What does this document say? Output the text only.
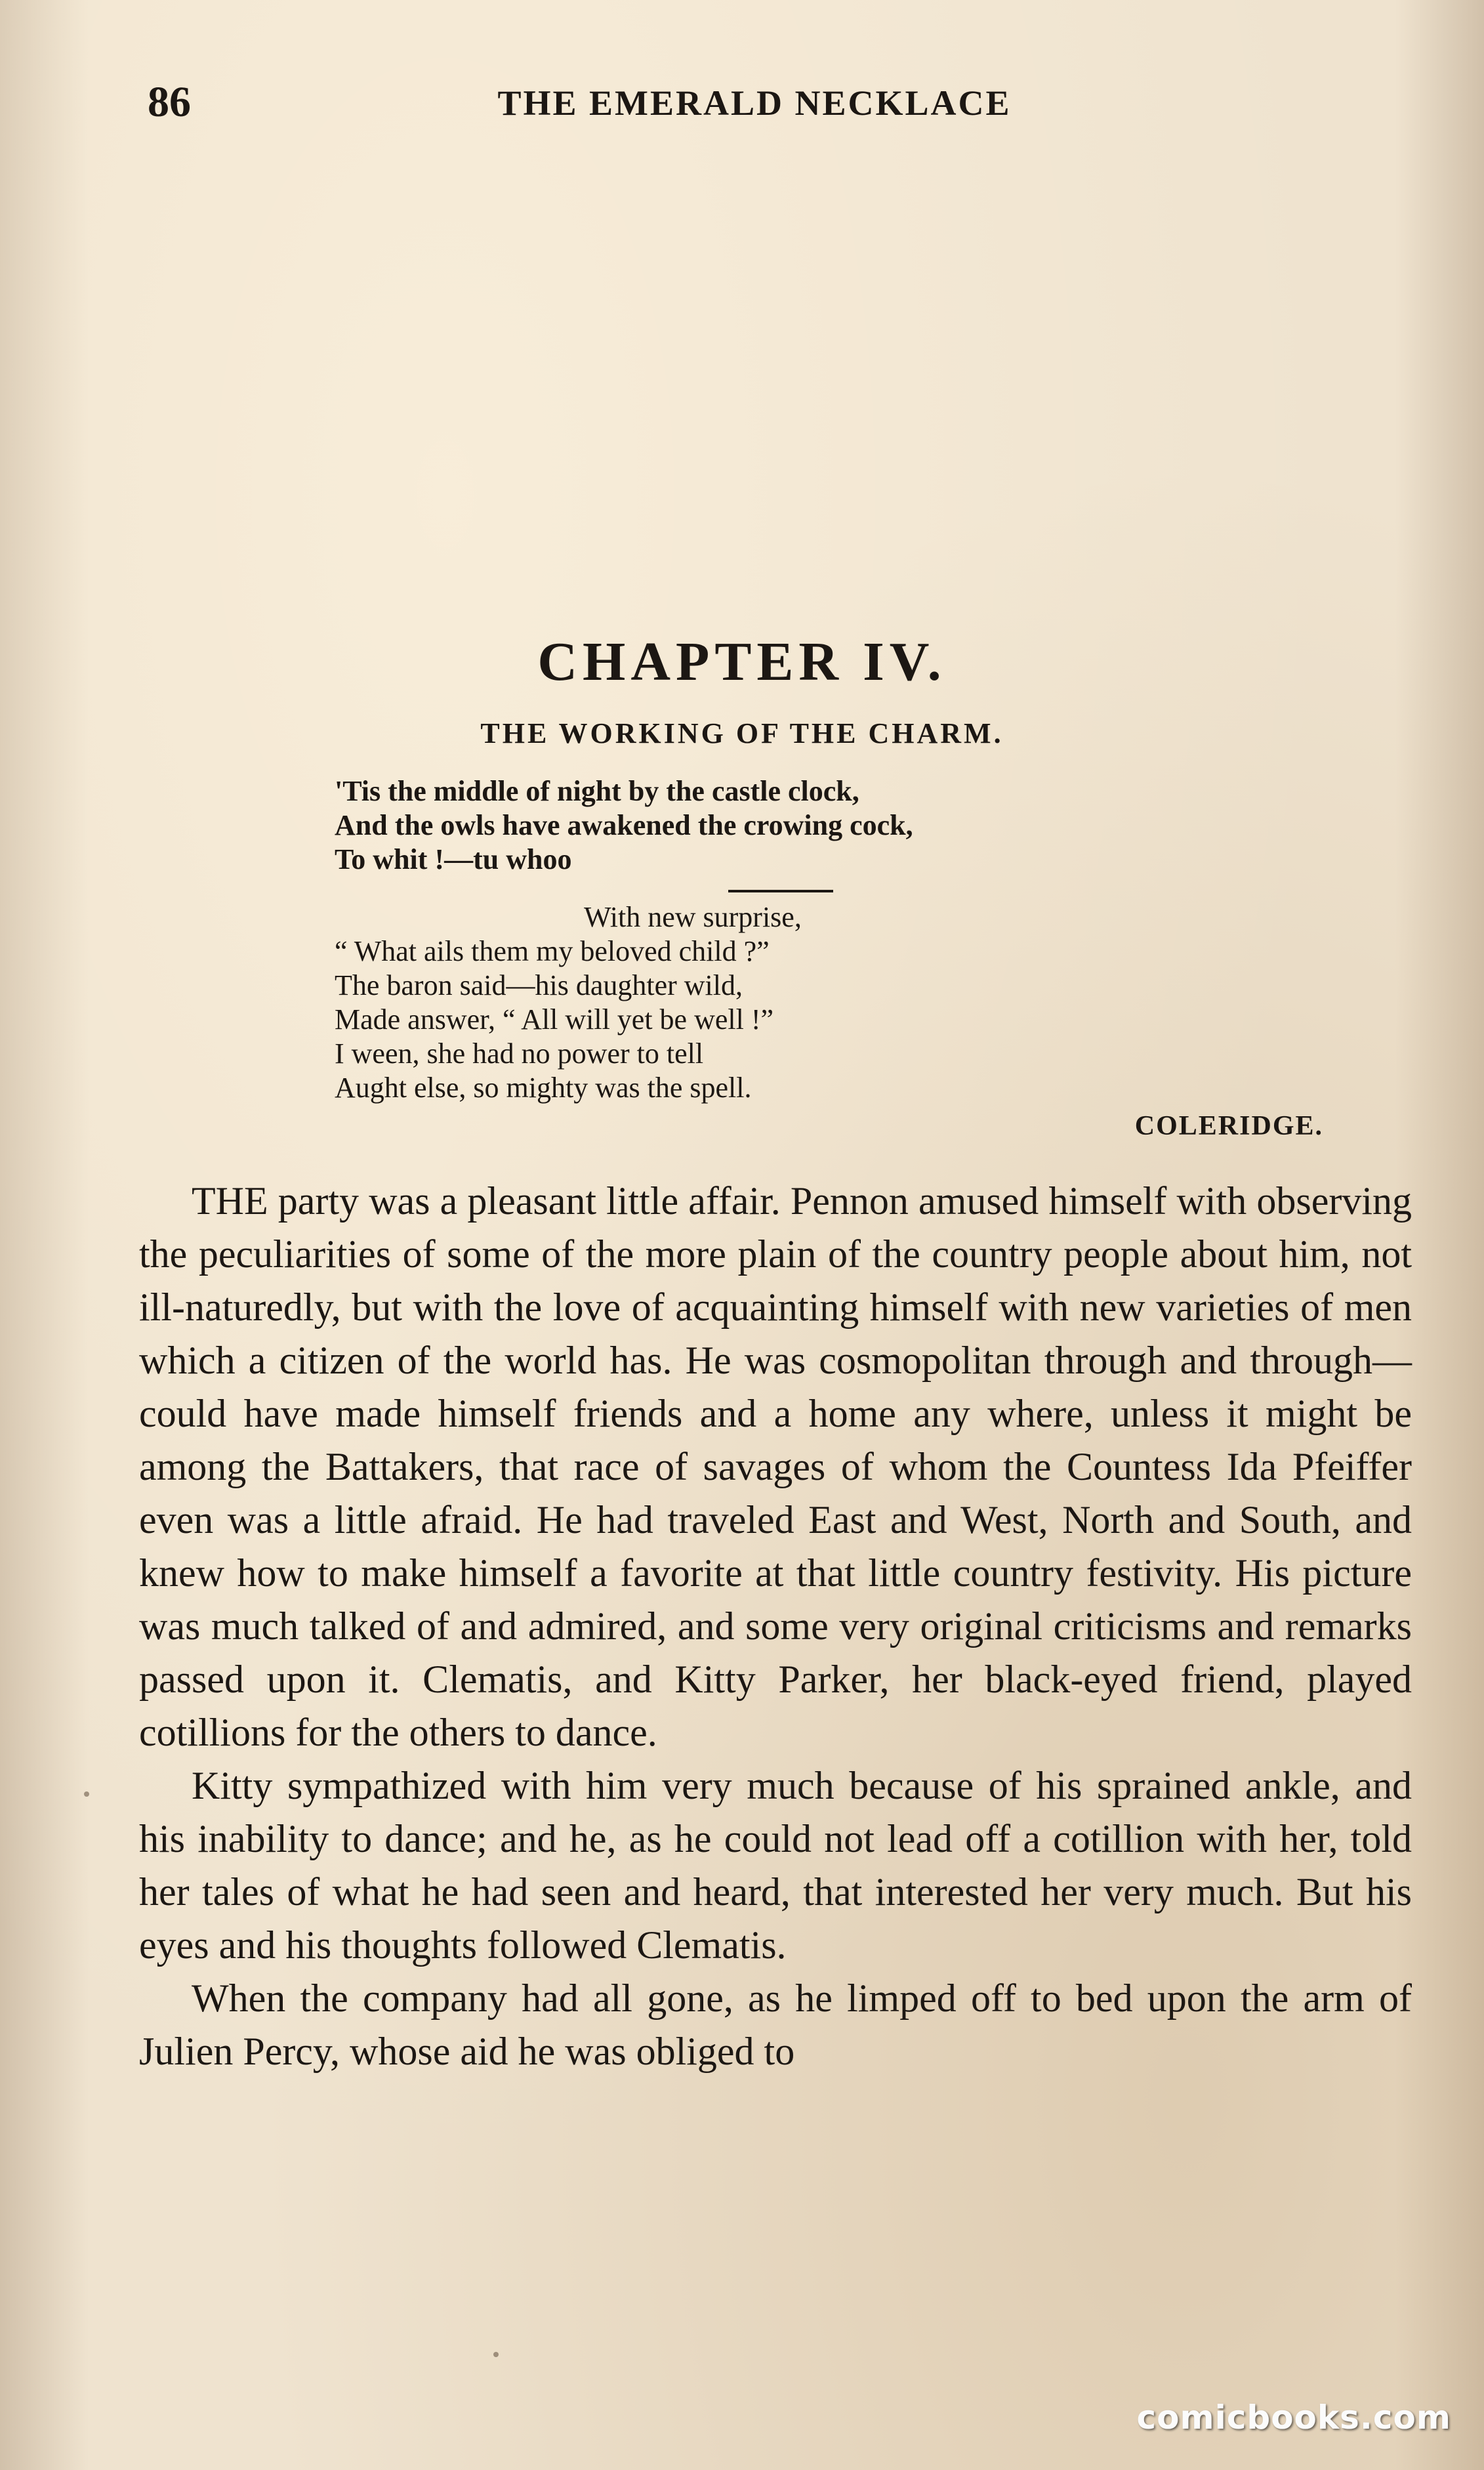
86	THE EMERALD NECKLACE
CHAPTER IV.
THE WORKING OF THE CHARM.
'Tis the middle of night by the castle clock,
And the owls have awakened the crowing cock,
To whit !—tu whoo
With new surprise,
“ What ails them my beloved child ?”
The baron said—his daughter wild,
Made answer, “ All will yet be well !”
I ween, she had no power to tell
Aught else, so mighty was the spell.
COLERIDGE.

THE party was a pleasant little affair. Pennon amused himself with observing the peculiarities of some of the more plain of the country people about him, not ill-naturedly, but with the love of acquainting himself with new varieties of men which a citizen of the world has. He was cosmopolitan through and through—could have made himself friends and a home any where, unless it might be among the Battakers, that race of savages of whom the Countess Ida Pfeiffer even was a little afraid. He had traveled East and West, North and South, and knew how to make himself a favorite at that little country festivity. His picture was much talked of and admired, and some very original criticisms and remarks passed upon it. Clematis, and Kitty Parker, her black-eyed friend, played cotillions for the others to dance.

Kitty sympathized with him very much because of his sprained ankle, and his inability to dance; and he, as he could not lead off a cotillion with her, told her tales of what he had seen and heard, that interested her very much. But his eyes and his thoughts followed Clematis.

When the company had all gone, as he limped off to bed upon the arm of Julien Percy, whose aid he was obliged to

comicbooks.com
